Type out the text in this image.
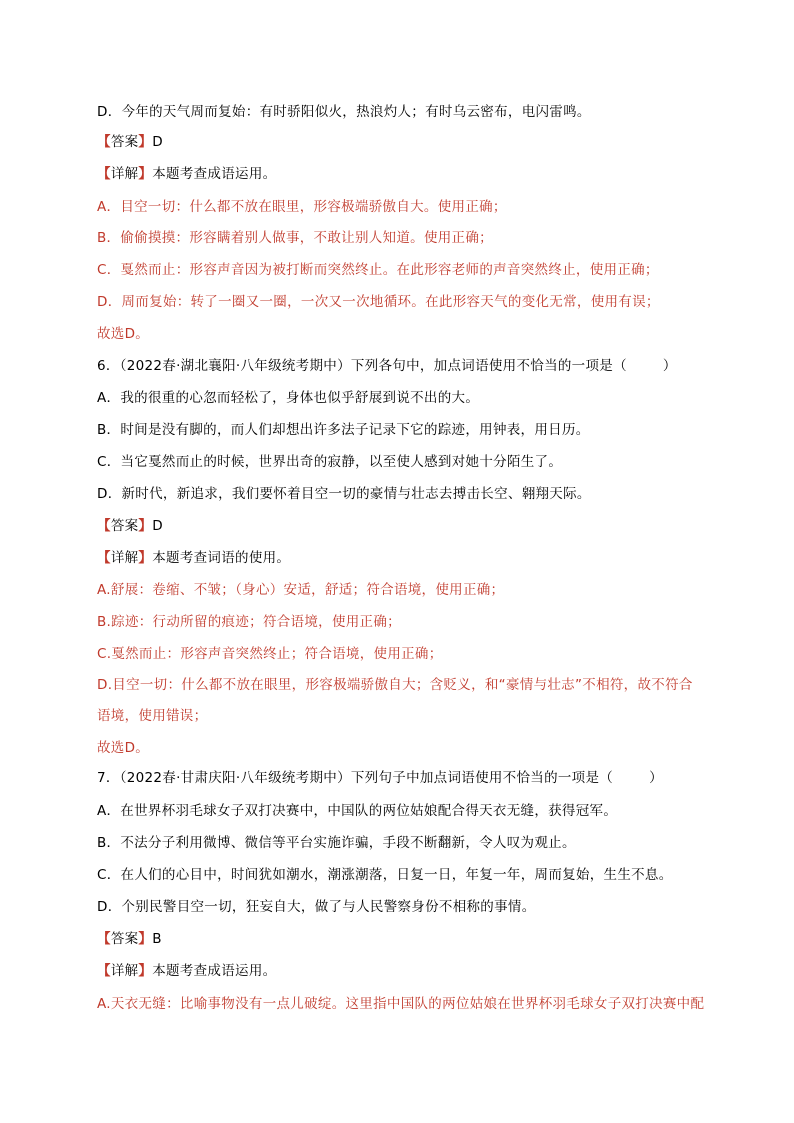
D．今年的天气周而复始：有时骄阳似火，热浪灼人；有时乌云密布，电闪雷鸣。
【答案】D
【详解】本题考查成语运用。
A．目空一切：什么都不放在眼里，形容极端骄傲自大。使用正确；
B．偷偷摸摸：形容瞒着别人做事，不敢让别人知道。使用正确；
C．戛然而止：形容声音因为被打断而突然终止。在此形容老师的声音突然终止，使用正确；
D．周而复始：转了一圈又一圈，一次又一次地循环。在此形容天气的变化无常，使用有误；
故选D。
6．（2022春·湖北襄阳·八年级统考期中）下列各句中，加点词语使用不恰当的一项是（	）
A．我的很重的心忽而轻松了，身体也似乎舒展到说不出的大。
B．时间是没有脚的，而人们却想出许多法子记录下它的踪迹，用钟表，用日历。
C．当它戛然而止的时候，世界出奇的寂静，以至使人感到对她十分陌生了。
D．新时代，新追求，我们要怀着目空一切的豪情与壮志去搏击长空、翱翔天际。
【答案】D
【详解】本题考查词语的使用。
A.舒展：卷缩、不皱；（身心）安适，舒适；符合语境，使用正确；
B.踪迹：行动所留的痕迹；符合语境，使用正确；
C.戛然而止：形容声音突然终止；符合语境，使用正确；
D.目空一切：什么都不放在眼里，形容极端骄傲自大；含贬义，和“豪情与壮志”不相符，故不符合
语境，使用错误；
故选D。
7．（2022春·甘肃庆阳·八年级统考期中）下列句子中加点词语使用不恰当的一项是（	）
A．在世界杯羽毛球女子双打决赛中，中国队的两位姑娘配合得天衣无缝，获得冠军。
B．不法分子利用微博、微信等平台实施诈骗，手段不断翻新，令人叹为观止。
C．在人们的心目中，时间犹如潮水，潮涨潮落，日复一日，年复一年，周而复始，生生不息。
D．个别民警目空一切，狂妄自大，做了与人民警察身份不相称的事情。
【答案】B
【详解】本题考查成语运用。
A.天衣无缝：比喻事物没有一点儿破绽。这里指中国队的两位姑娘在世界杯羽毛球女子双打决赛中配
